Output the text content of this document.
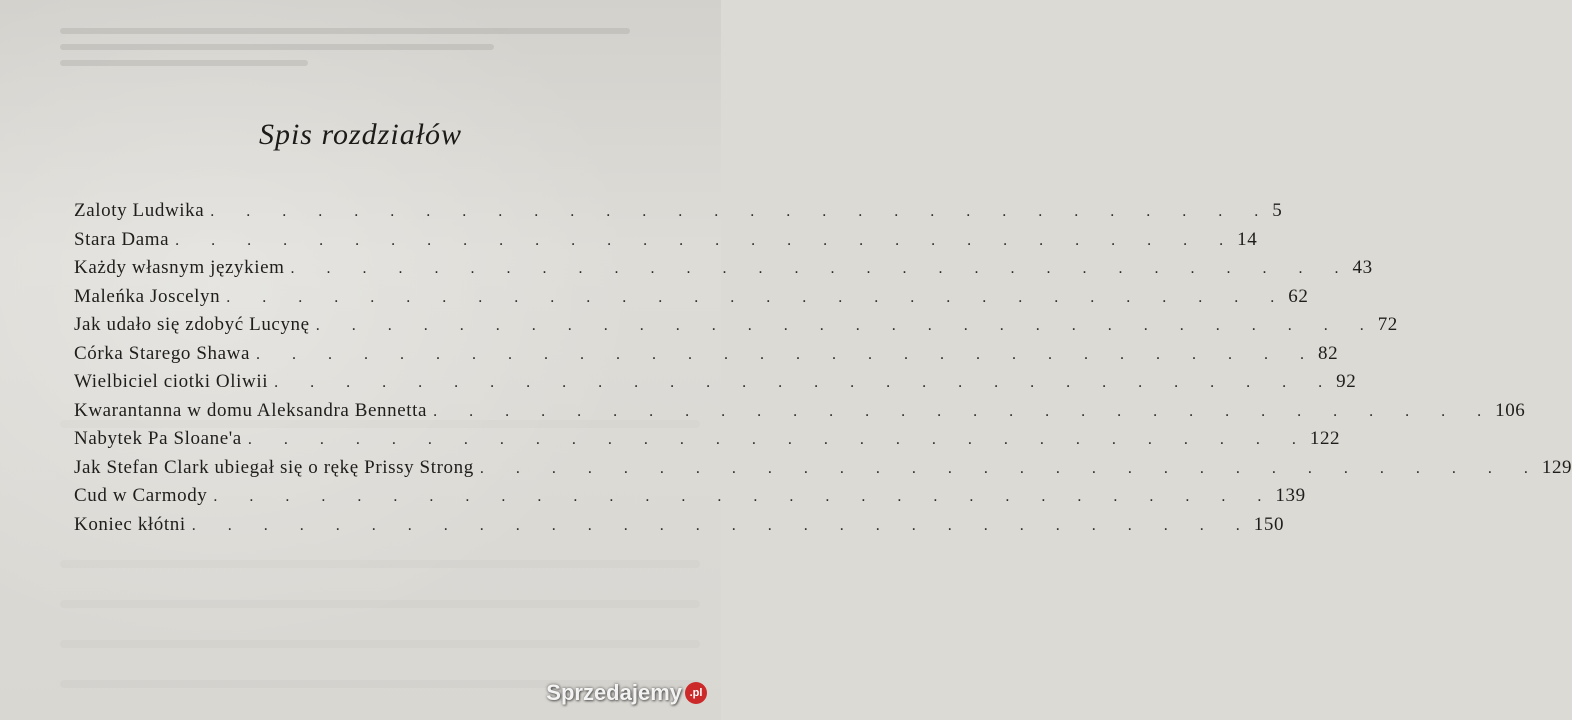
Spis rozdziałów
Zaloty Ludwika . . . . . . . . . . . . . . . . . . . . . . . . . . . . . . 5
Stara Dama . . . . . . . . . . . . . . . . . . . . . . . . . . . . . . 14
Każdy własnym językiem . . . . . . . . . . . . . . . . . . . . . . . . . . . . . . 43
Maleńka Joscelyn . . . . . . . . . . . . . . . . . . . . . . . . . . . . . . 62
Jak udało się zdobyć Lucynę . . . . . . . . . . . . . . . . . . . . . . . . . . . . . . 72
Córka Starego Shawa . . . . . . . . . . . . . . . . . . . . . . . . . . . . . . 82
Wielbiciel ciotki Oliwii . . . . . . . . . . . . . . . . . . . . . . . . . . . . . . 92
Kwarantanna w domu Aleksandra Bennetta . . . . . . . . . . . . . . . . . . . . . . . . . . . . . . 106
Nabytek Pa Sloane'a . . . . . . . . . . . . . . . . . . . . . . . . . . . . . . 122
Jak Stefan Clark ubiegał się o rękę Prissy Strong . . . . . . . . . . . . . . . . . . . . . . . . . . . . . . 129
Cud w Carmody . . . . . . . . . . . . . . . . . . . . . . . . . . . . . . 139
Koniec kłótni . . . . . . . . . . . . . . . . . . . . . . . . . . . . . . 150
Sprzedajemy .pl
